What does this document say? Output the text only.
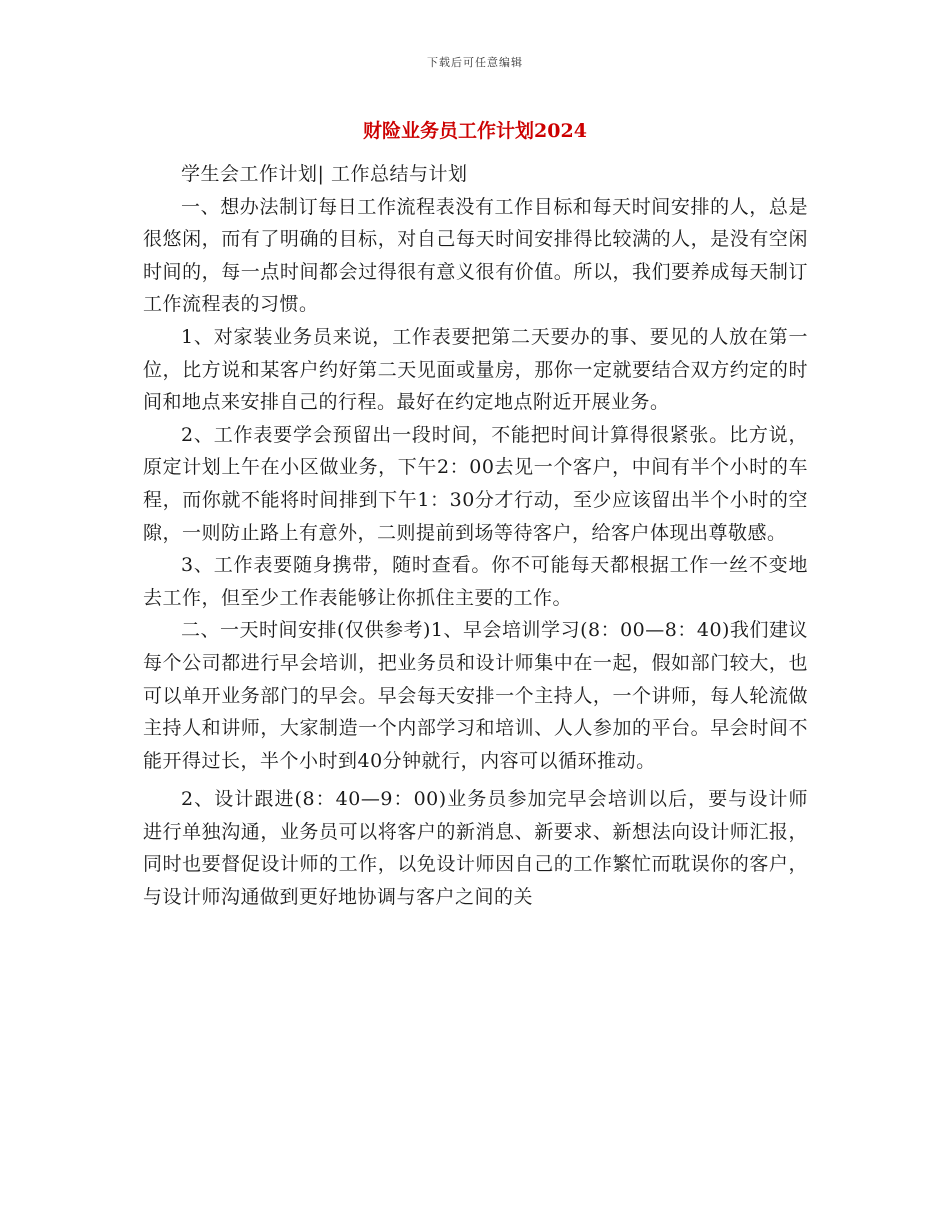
下载后可任意编辑
财险业务员工作计划2024

学生会工作计划| 工作总结与计划

一、想办法制订每日工作流程表没有工作目标和每天时间安排的人，总是很悠闲，而有了明确的目标，对自己每天时间安排得比较满的人，是没有空闲时间的，每一点时间都会过得很有意义很有价值。所以，我们要养成每天制订工作流程表的习惯。

1、对家装业务员来说，工作表要把第二天要办的事、要见的人放在第一位，比方说和某客户约好第二天见面或量房，那你一定就要结合双方约定的时间和地点来安排自己的行程。最好在约定地点附近开展业务。

2、工作表要学会预留出一段时间，不能把时间计算得很紧张。比方说，原定计划上午在小区做业务，下午2：00去见一个客户，中间有半个小时的车程，而你就不能将时间排到下午1：30分才行动，至少应该留出半个小时的空隙，一则防止路上有意外，二则提前到场等待客户，给客户体现出尊敬感。

3、工作表要随身携带，随时查看。你不可能每天都根据工作一丝不变地去工作，但至少工作表能够让你抓住主要的工作。

二、一天时间安排(仅供参考)1、早会培训学习(8：00—8：40)我们建议每个公司都进行早会培训，把业务员和设计师集中在一起，假如部门较大，也可以单开业务部门的早会。早会每天安排一个主持人，一个讲师，每人轮流做主持人和讲师，大家制造一个内部学习和培训、人人参加的平台。早会时间不能开得过长，半个小时到40分钟就行，内容可以循环推动。

2、设计跟进(8：40—9：00)业务员参加完早会培训以后，要与设计师进行单独沟通，业务员可以将客户的新消息、新要求、新想法向设计师汇报，同时也要督促设计师的工作，以免设计师因自己的工作繁忙而耽误你的客户，与设计师沟通做到更好地协调与客户之间的关
